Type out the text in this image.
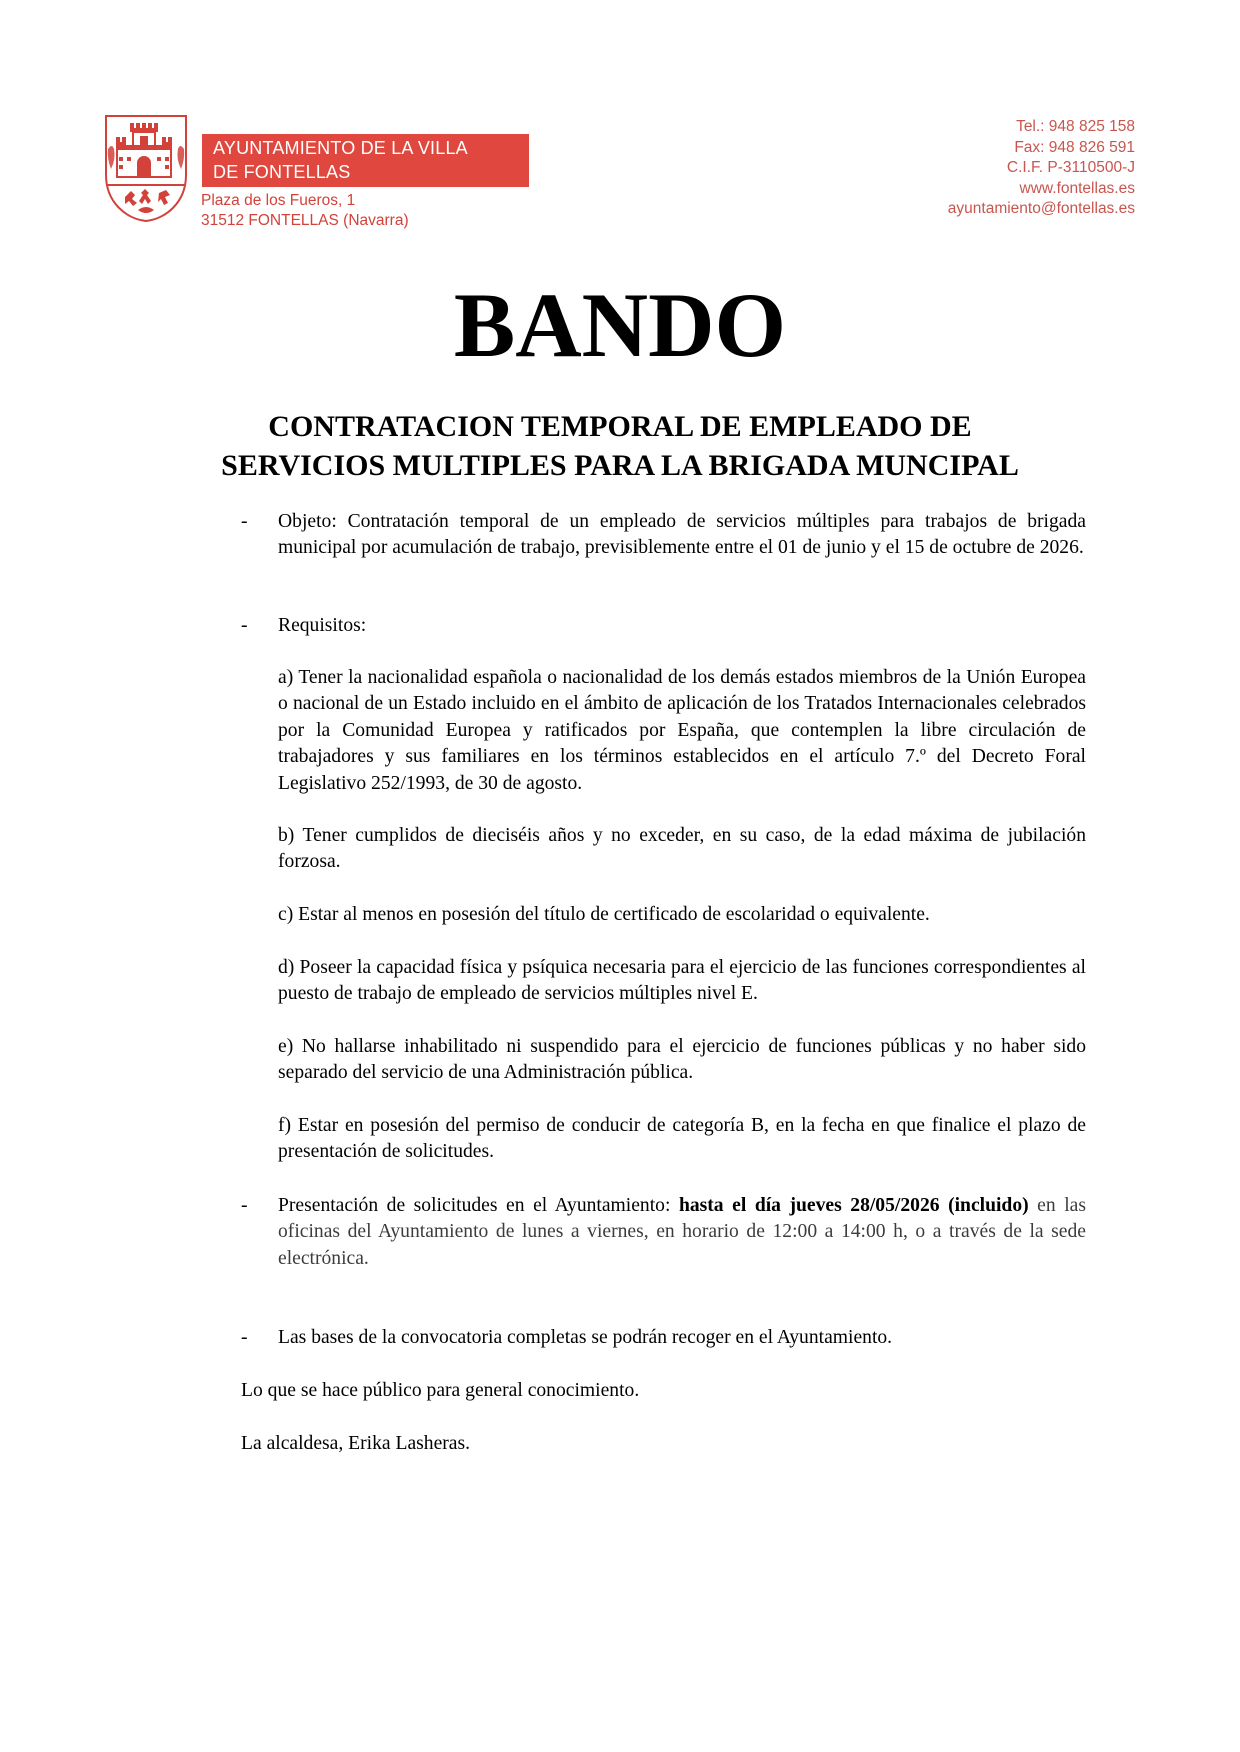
AYUNTAMIENTO DE LA VILLA
DE FONTELLAS
Plaza de los Fueros, 1
31512 FONTELLAS (Navarra)
Tel.: 948 825 158
Fax: 948 826 591
C.I.F. P-3110500-J
www.fontellas.es
ayuntamiento@fontellas.es
BANDO
CONTRATACION TEMPORAL DE EMPLEADO DE
SERVICIOS MULTIPLES PARA LA BRIGADA MUNCIPAL
- Objeto: Contratación temporal de un empleado de servicios múltiples para trabajos de brigada municipal por acumulación de trabajo, previsiblemente entre el 01 de junio y el 15 de octubre de 2026.
- Requisitos:
a) Tener la nacionalidad española o nacionalidad de los demás estados miembros de la Unión Europea o nacional de un Estado incluido en el ámbito de aplicación de los Tratados Internacionales celebrados por la Comunidad Europea y ratificados por España, que contemplen la libre circulación de trabajadores y sus familiares en los términos establecidos en el artículo 7.º del Decreto Foral Legislativo 252/1993, de 30 de agosto.
b) Tener cumplidos de dieciséis años y no exceder, en su caso, de la edad máxima de jubilación forzosa.
c) Estar al menos en posesión del título de certificado de escolaridad o equivalente.
d) Poseer la capacidad física y psíquica necesaria para el ejercicio de las funciones correspondientes al puesto de trabajo de empleado de servicios múltiples nivel E.
e) No hallarse inhabilitado ni suspendido para el ejercicio de funciones públicas y no haber sido separado del servicio de una Administración pública.
f) Estar en posesión del permiso de conducir de categoría B, en la fecha en que finalice el plazo de presentación de solicitudes.
- Presentación de solicitudes en el Ayuntamiento: hasta el día jueves 28/05/2026 (incluido) en las oficinas del Ayuntamiento de lunes a viernes, en horario de 12:00 a 14:00 h, o a través de la sede electrónica.
- Las bases de la convocatoria completas se podrán recoger en el Ayuntamiento.
Lo que se hace público para general conocimiento.
La alcaldesa, Erika Lasheras.
